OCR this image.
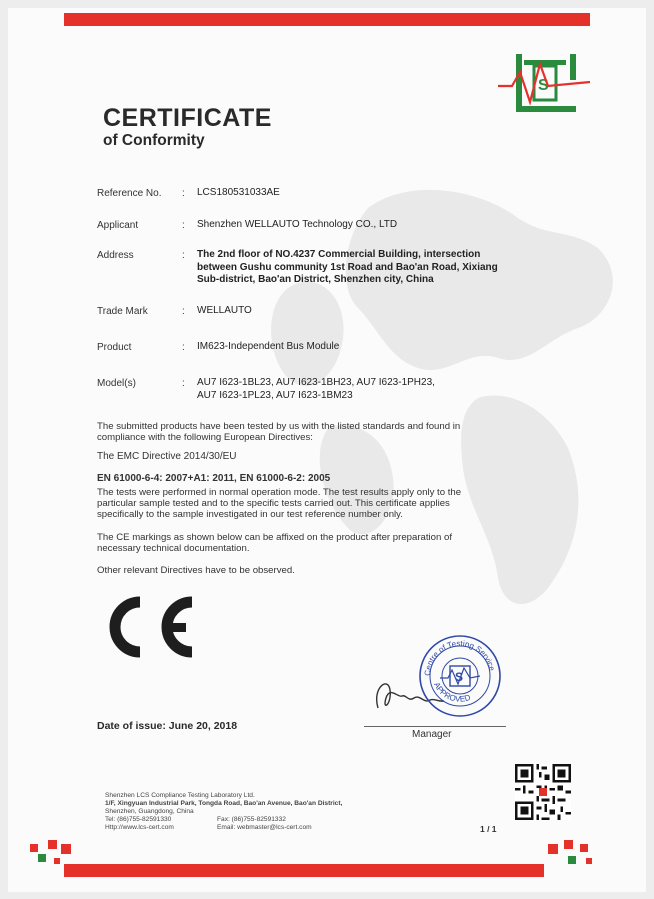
CERTIFICATE
of Conformity
S
Reference No. : LCS180531033AE
Applicant	: Shenzhen WELLAUTO Technology CO., LTD
Address	: The 2nd floor of NO.4237 Commercial Building, intersection
between Gushu community 1st Road and Bao'an Road, Xixiang
Sub-district, Bao'an District, Shenzhen city, China
Trade Mark	: WELLAUTO
Product	: IM623-Independent Bus Module
Model(s)	: AU7 I623-1BL23, AU7 I623-1BH23, AU7 I623-1PH23,
AU7 I623-1PL23, AU7 I623-1BM23
The submitted products have been tested by us with the listed standards and found in
compliance with the following European Directives:
The EMC Directive 2014/30/EU
EN 61000-6-4: 2007+A1: 2011, EN 61000-6-2: 2005
The tests were performed in normal operation mode. The test results apply only to the
particular sample tested and to the specific tests carried out. This certificate applies
specifically to the sample investigated in our test reference number only.
The CE markings as shown below can be affixed on the product after preparation of
necessary technical documentation.
Other relevant Directives have to be observed.
Centre of Testing Service
APPROVED
S
Manager
Date of issue: June 20, 2018
Shenzhen LCS Compliance Testing Laboratory Ltd.
1/F, Xingyuan Industrial Park, Tongda Road, Bao'an Avenue, Bao'an District,
Shenzhen, Guangdong, China
Tel: (86)755-82591330	Fax: (86)755-82591332
Http://www.lcs-cert.com	Email: webmaster@lcs-cert.com	1 / 1
